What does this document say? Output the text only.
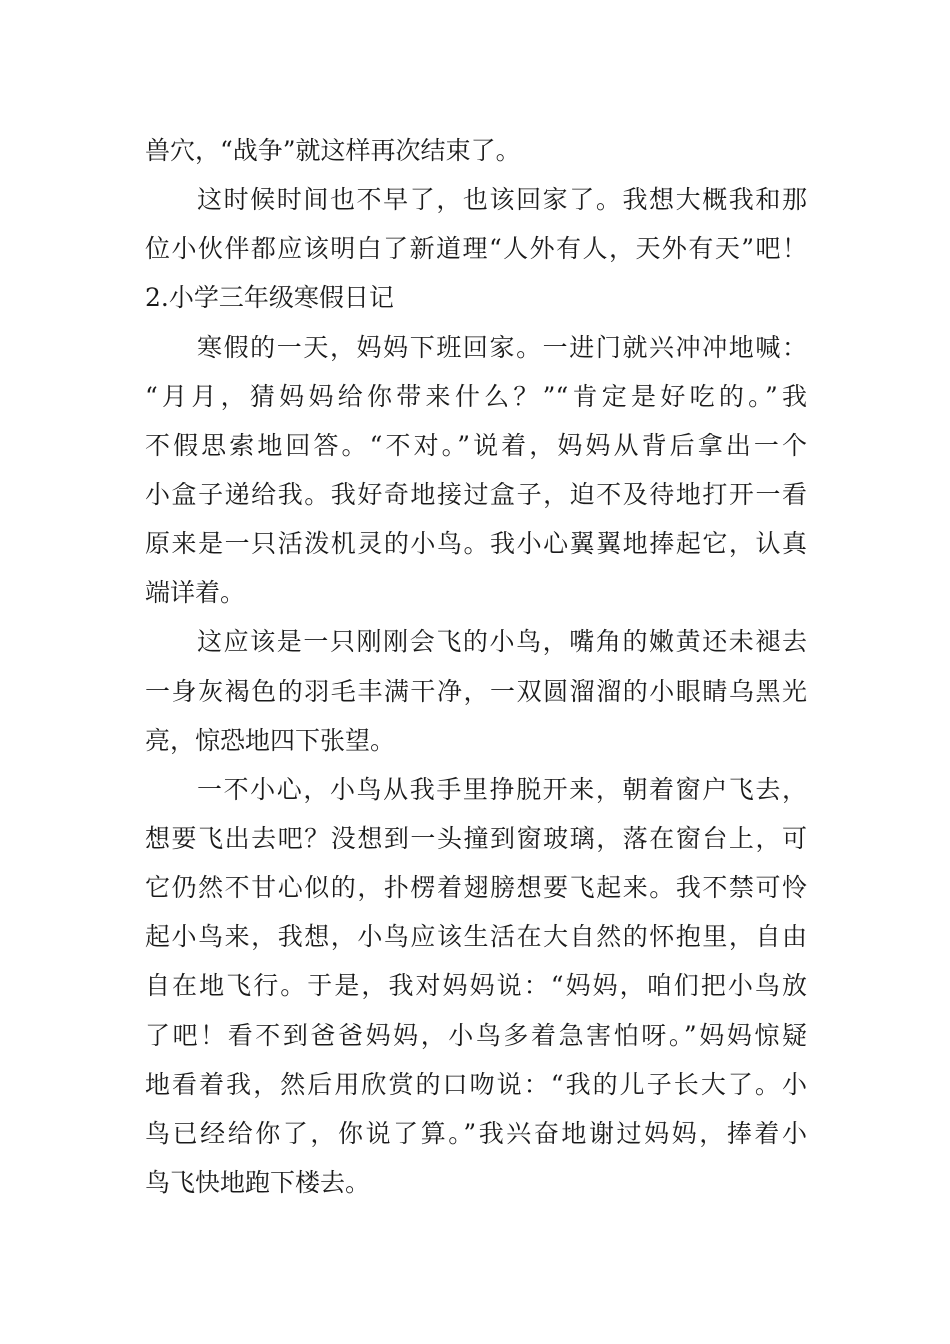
兽穴，“战争”就这样再次结束了。
这时候时间也不早了，也该回家了。我想大概我和那
位小伙伴都应该明白了新道理“人外有人，天外有天”吧！
2.小学三年级寒假日记
寒假的一天，妈妈下班回家。一进门就兴冲冲地喊：
“月月，猜妈妈给你带来什么？”“肯定是好吃的。”我
不假思索地回答。“不对。”说着，妈妈从背后拿出一个
小盒子递给我。我好奇地接过盒子，迫不及待地打开一看
原来是一只活泼机灵的小鸟。我小心翼翼地捧起它，认真
端详着。
这应该是一只刚刚会飞的小鸟，嘴角的嫩黄还未褪去
一身灰褐色的羽毛丰满干净，一双圆溜溜的小眼睛乌黑光
亮，惊恐地四下张望。
一不小心，小鸟从我手里挣脱开来，朝着窗户飞去，
想要飞出去吧？没想到一头撞到窗玻璃，落在窗台上，可
它仍然不甘心似的，扑楞着翅膀想要飞起来。我不禁可怜
起小鸟来，我想，小鸟应该生活在大自然的怀抱里，自由
自在地飞行。于是，我对妈妈说：“妈妈，咱们把小鸟放
了吧！看不到爸爸妈妈，小鸟多着急害怕呀。”妈妈惊疑
地看着我，然后用欣赏的口吻说：“我的儿子长大了。小
鸟已经给你了，你说了算。”我兴奋地谢过妈妈，捧着小
鸟飞快地跑下楼去。
